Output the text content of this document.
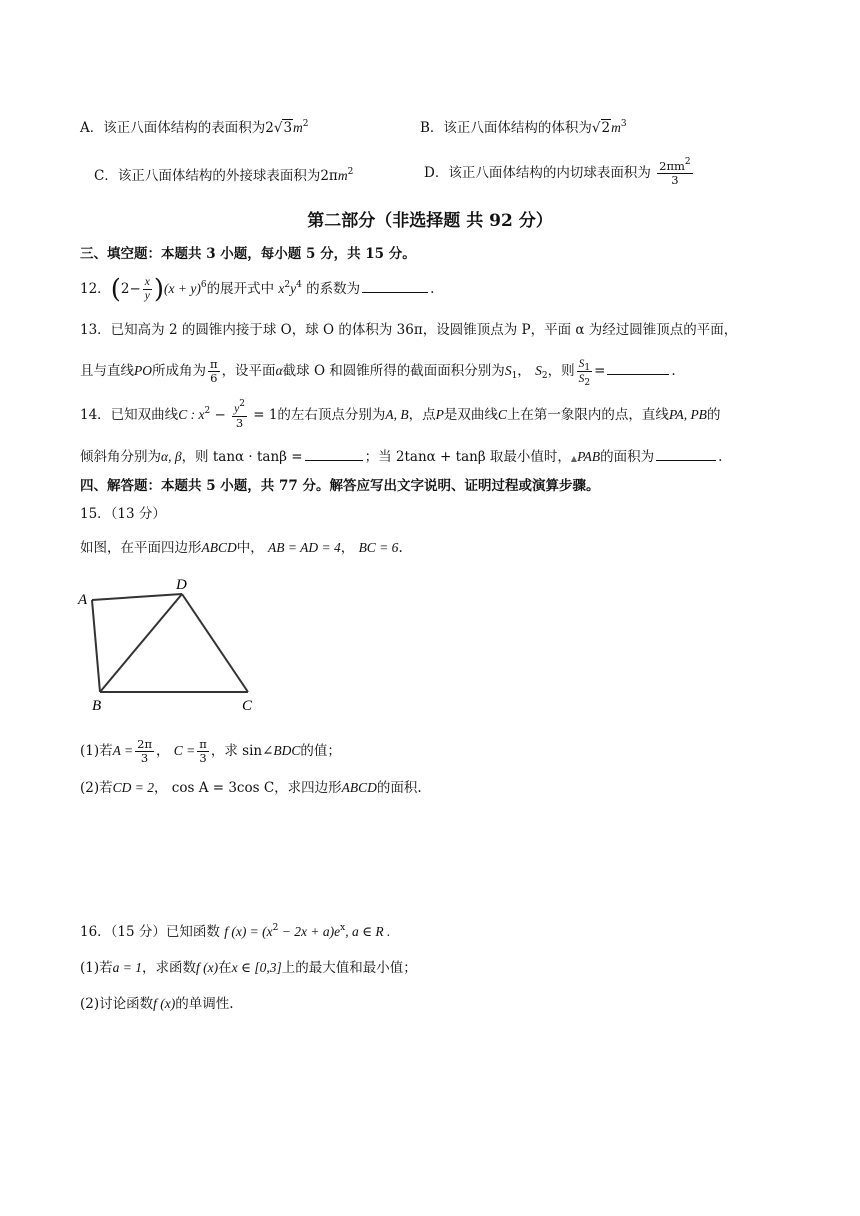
A．该正八面体结构的表面积为$2√3m^2$	B．该正八面体结构的体积为$√2m^3$
C．该正八面体结构的外接球表面积为$2\pi m^2$	D．该正八面体结构的内切球表面积为 $\frac{2\pi m^2}{3}$
第二部分（非选择题 共 92 分）
三、填空题：本题共 3 小题，每小题 5 分，共 15 分。
12．$(2- \frac{x}{y} )(x + y)^6$的展开式中 $x^2y^4$ 的系数为	.
13．已知高为 2 的圆锥内接于球 O，球 O 的体积为 36π，设圆锥顶点为 P，平面 α 为经过圆锥顶点的平面，
且与直线PO所成角为 $\frac{\pi}{6}$ ，设平面α截球 O 和圆锥所得的截面面积分别为$S_1$， $S_2$，则 $\frac{S_1}{S_2}$ =	.
14．已知双曲线C : $x^2 - \frac{y^2}{3} = 1$的左右顶点分别为A, B，点P是双曲线C上在第一象限内的点，直线PA, PB的
倾斜角分别为α, β，则 tanα · tanβ =	；当 2tanα + tanβ 取最小值时，▲PAB的面积为	.
四、解答题：本题共 5 小题，共 77 分。解答应写出文字说明、证明过程或演算步骤。
15．（13 分）
如图，在平面四边形ABCD中， AB = AD = 4， BC = 6.
A
D
B	C
(1)若$A = \frac{2\pi}{3}$ ， $C = \frac{\pi}{3}$ ，求 sin∠BDC的值；
(2)若CD = 2， cos A = 3cos C，求四边形ABCD的面积.
16．（15 分）已知函数 f $(x) = (x^2 - 2x + a)e^x$, a ∈ R .
(1)若a = 1，求函数f (x)在x ∈ [0,3]上的最大值和最小值；
(2)讨论函数f (x)的单调性.
